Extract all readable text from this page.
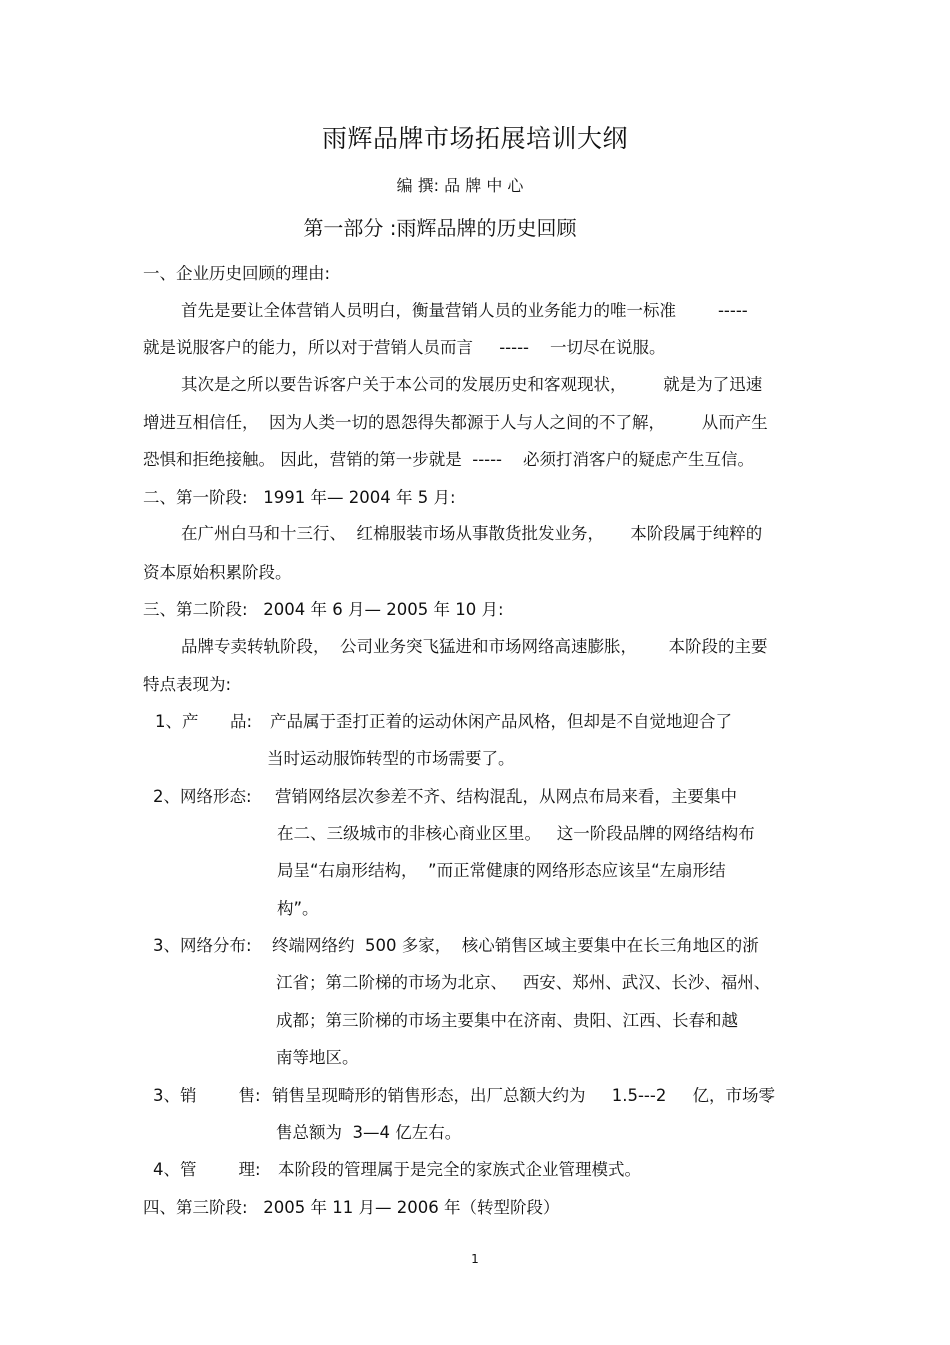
雨辉品牌市场拓展培训大纲
编 撰: 品 牌 中 心
第一部分 :雨辉品牌的历史回顾
一、企业历史回顾的理由:
首先是要让全体营销人员明白，衡量营销人员的业务能力的唯一标准        -----
就是说服客户的能力，所以对于营销人员而言     -----    一切尽在说服。
其次是之所以要告诉客户关于本公司的发展历史和客观现状，       就是为了迅速
增进互相信任，  因为人类一切的恩怨得失都源于人与人之间的不了解，       从而产生
恐惧和拒绝接触。 因此，营销的第一步就是  -----    必须打消客户的疑虑产生互信。
二、第一阶段:   1991 年— 2004 年 5 月:
在广州白马和十三行、  红棉服装市场从事散货批发业务，     本阶段属于纯粹的
资本原始积累阶段。
三、第二阶段:   2004 年 6 月— 2005 年 10 月:
品牌专卖转轨阶段，  公司业务突飞猛进和市场网络高速膨胀，      本阶段的主要
特点表现为:
1、产      品: 产品属于歪打正着的运动休闲产品风格，但却是不自觉地迎合了
当时运动服饰转型的市场需要了。
2、网络形态: 营销网络层次参差不齐、结构混乱，从网点布局来看，主要集中
在二、三级城市的非核心商业区里。   这一阶段品牌的网络结构布
局呈“右扇形结构，  ”而正常健康的网络形态应该呈“左扇形结
构”。
3、网络分布: 终端网络约  500 多家，  核心销售区域主要集中在长三角地区的浙
江省；第二阶梯的市场为北京、   西安、郑州、武汉、长沙、福州、
成都；第三阶梯的市场主要集中在济南、贵阳、江西、长春和越
南等地区。
3、销        售: 销售呈现畸形的销售形态，出厂总额大约为     1.5---2     亿，市场零
售总额为  3—4 亿左右。
4、管        理: 本阶段的管理属于是完全的家族式企业管理模式。
四、第三阶段:   2005 年 11 月— 2006 年（转型阶段）
1
